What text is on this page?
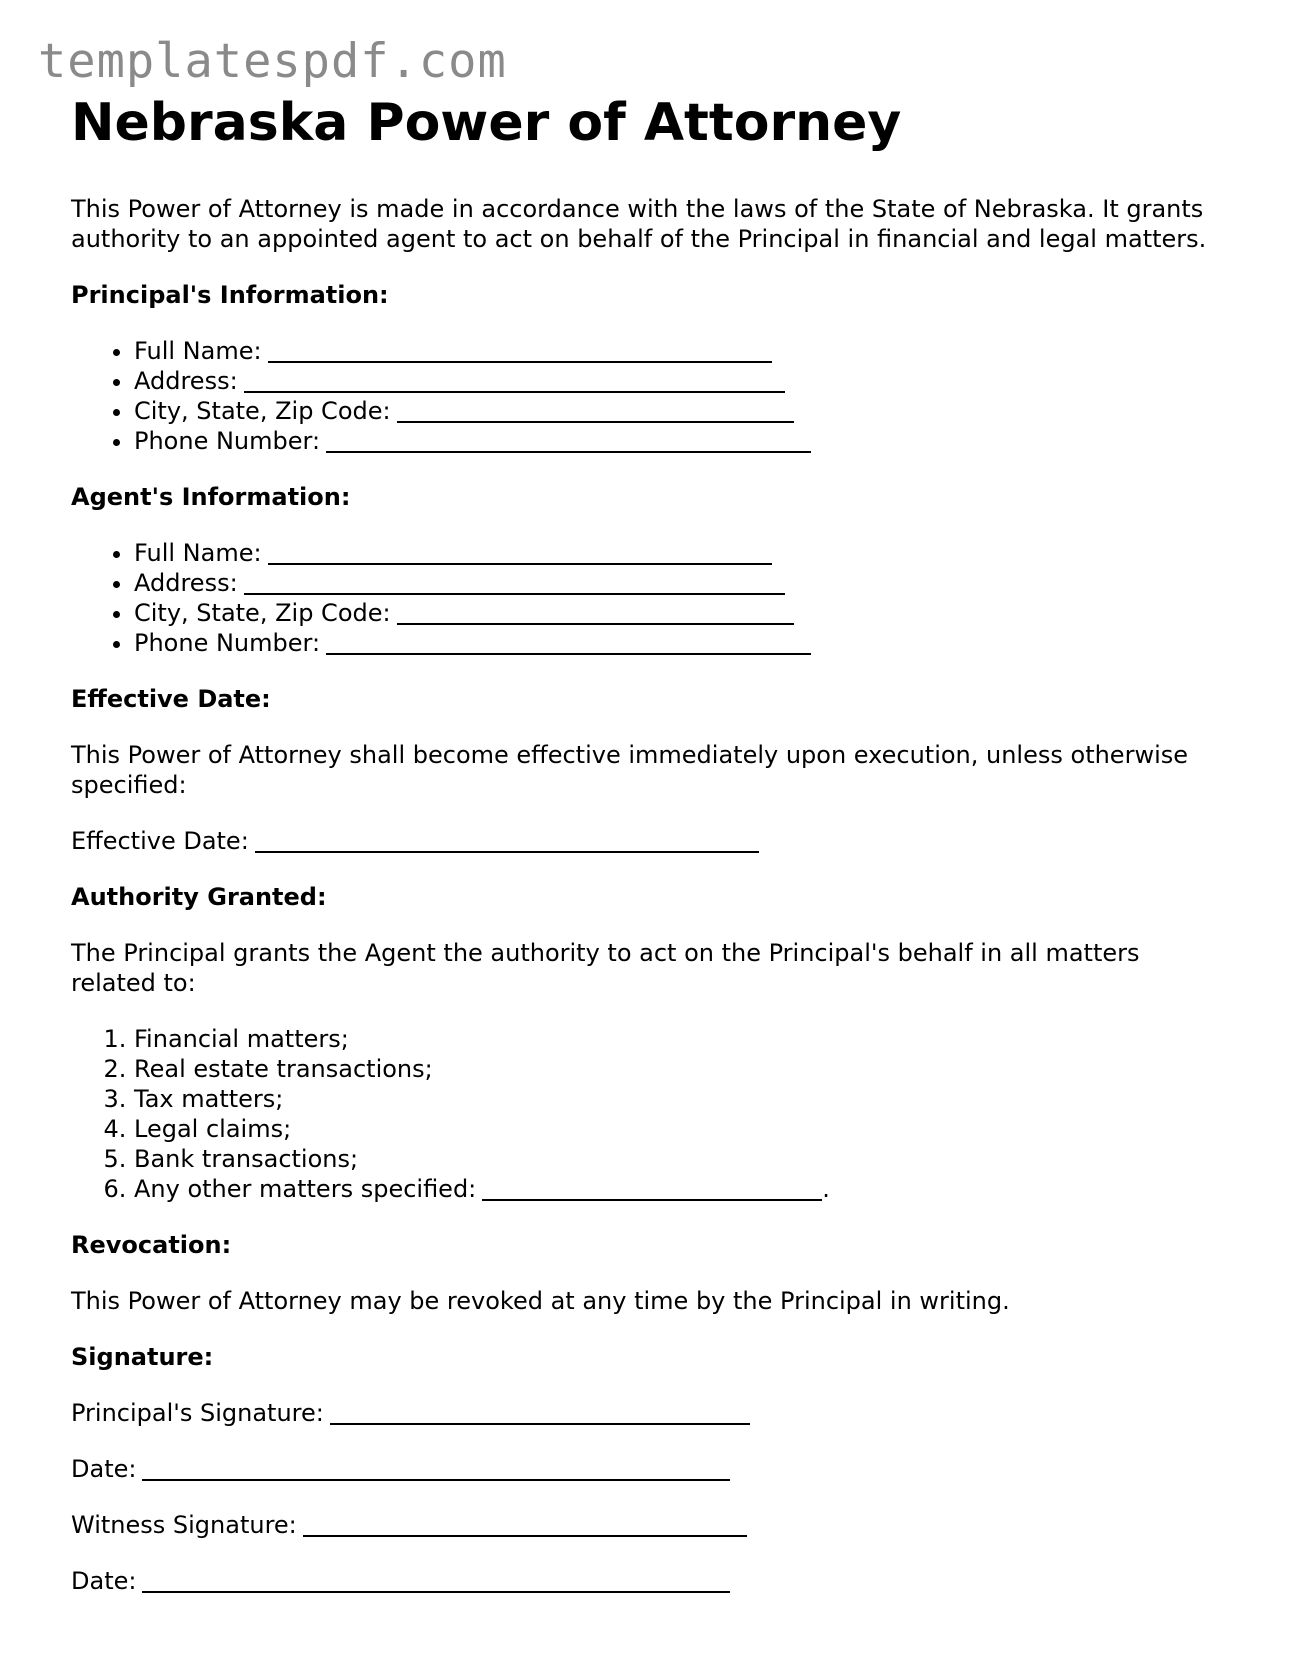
templatespdf.com
Nebraska Power of Attorney

This Power of Attorney is made in accordance with the laws of the State of Nebraska. It grants authority to an appointed agent to act on behalf of the Principal in financial and legal matters.

Principal's Information:
• Full Name:
• Address:
• City, State, Zip Code:
• Phone Number:
Agent's Information:
• Full Name:
• Address:
• City, State, Zip Code:
• Phone Number:
Effective Date:

This Power of Attorney shall become effective immediately upon execution, unless otherwise specified:

Effective Date:

Authority Granted:

The Principal grants the Agent the authority to act on the Principal's behalf in all matters related to:

1. Financial matters;
2. Real estate transactions;
3. Tax matters;
4. Legal claims;
5. Bank transactions;
6. Any other matters specified:	.
Revocation:

This Power of Attorney may be revoked at any time by the Principal in writing.

Signature:

Principal's Signature:

Date:

Witness Signature:

Date:
